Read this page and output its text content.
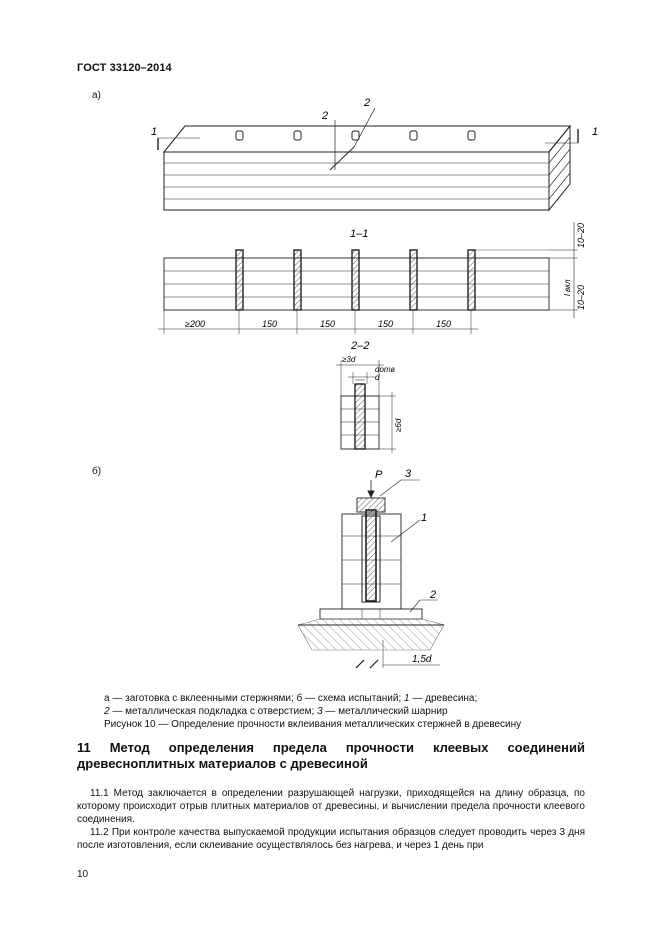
ГОСТ 33120–2014
а)
б)
1	1
2
2
1–1
≥200	150	150	150	150
10–20
l вкл 10–20
2–2
≥3d
dотв
d
≥6d
P 3
1
2
1,5d
а — заготовка с вклеенными стержнями; б — схема испытаний; 1 — древесина;
2 — металлическая подкладка с отверстием; 3 — металлический шарнир
Рисунок 10 — Определение прочности вклеивания металлических стержней в древесину
11 Метод определения предела прочности клеевых соединений древесноплитных материалов с древесиной
11.1 Метод заключается в определении разрушающей нагрузки, приходящейся на длину образца, по которому происходит отрыв плитных материалов от древесины, и вычислении предела прочности клеевого соединения.
11.2 При контроле качества выпускаемой продукции испытания образцов следует проводить через 3 дня после изготовления, если склеивание осуществлялось без нагрева, и через 1 день при
10
